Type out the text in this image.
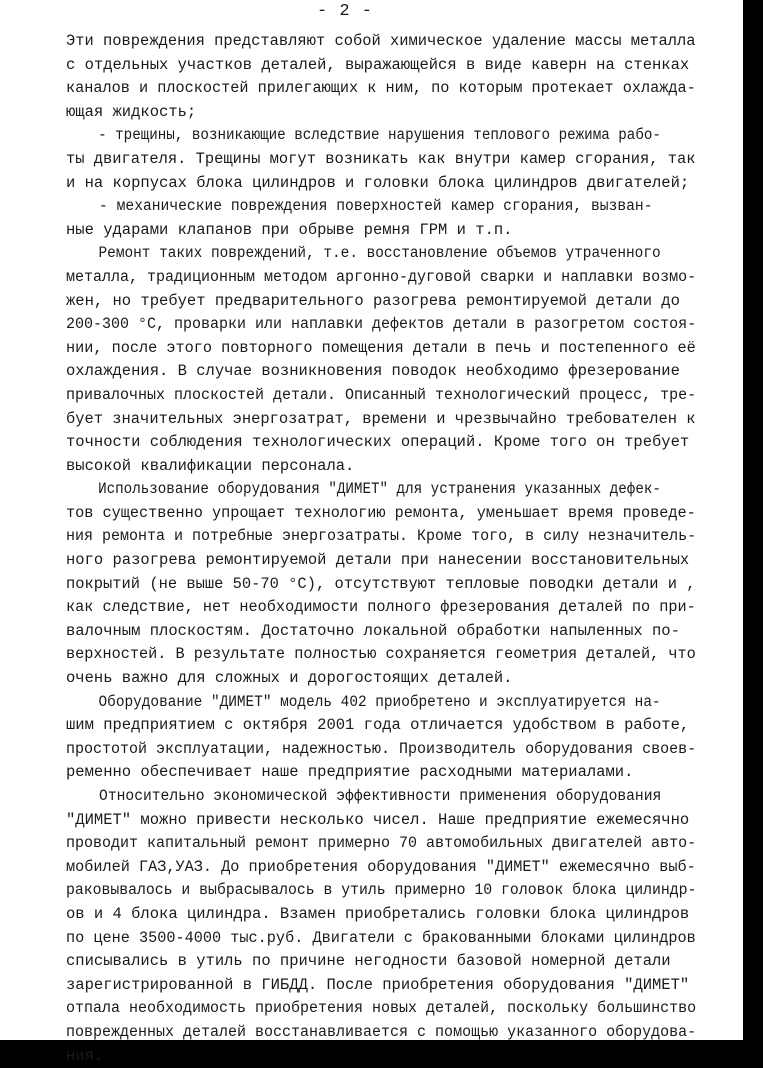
- 2 -
Эти повреждения представляют собой химическое удаление массы металла
с отдельных участков деталей, выражающейся в виде каверн на стенках
каналов и плоскостей прилегающих к ним, по которым протекает охлажда-
ющая жидкость;
- трещины, возникающие вследствие нарушения теплового режима рабо-
ты двигателя. Трещины могут возникать как внутри камер сгорания, так
и на корпусах блока цилиндров и головки блока цилиндров двигателей;
- механические повреждения поверхностей камер сгорания, вызван-
ные ударами клапанов при обрыве ремня ГРМ и т.п.
Ремонт таких повреждений, т.е. восстановление объемов утраченного
металла, традиционным методом аргонно-дуговой сварки и наплавки возмо-
жен, но требует предварительного разогрева ремонтируемой детали до
200-300 °С, проварки или наплавки дефектов детали в разогретом состоя-
нии, после этого повторного помещения детали в печь и постепенного её
охлаждения. В случае возникновения поводок необходимо фрезерование
привалочных плоскостей детали. Описанный технологический процесс, тре-
бует значительных энергозатрат, времени и чрезвычайно требователен к
точности соблюдения технологических операций. Кроме того он требует
высокой квалификации персонала.
Использование оборудования "ДИМЕТ" для устранения указанных дефек-
тов существенно упрощает технологию ремонта, уменьшает время проведе-
ния ремонта и потребные энергозатраты. Кроме того, в силу незначитель-
ного разогрева ремонтируемой детали при нанесении восстановительных
покрытий (не выше 50-70 °С), отсутствуют тепловые поводки детали и ,
как следствие, нет необходимости полного фрезерования деталей по при-
валочным плоскостям. Достаточно локальной обработки напыленных по-
верхностей. В результате полностью сохраняется геометрия деталей, что
очень важно для сложных и дорогостоящих деталей.
Оборудование "ДИМЕТ" модель 402 приобретено и эксплуатируется на-
шим предприятием с октября 2001 года отличается удобством в работе,
простотой эксплуатации, надежностью. Производитель оборудования своев-
ременно обеспечивает наше предприятие расходными материалами.
Относительно экономической эффективности применения оборудования
"ДИМЕТ" можно привести несколько чисел. Наше предприятие ежемесячно
проводит капитальный ремонт примерно 70 автомобильных двигателей авто-
мобилей ГАЗ,УАЗ. До приобретения оборудования "ДИМЕТ" ежемесячно выб-
раковывалось и выбрасывалось в утиль примерно 10 головок блока цилиндр-
ов и 4 блока цилиндра. Взамен приобретались головки блока цилиндров
по цене 3500-4000 тыс.руб. Двигатели с бракованными блоками цилиндров
списывались в утиль по причине негодности базовой номерной детали
зарегистрированной в ГИБДД. После приобретения оборудования "ДИМЕТ"
отпала необходимость приобретения новых деталей, поскольку большинство
поврежденных деталей восстанавливается с помощью указанного оборудова-
ния.
